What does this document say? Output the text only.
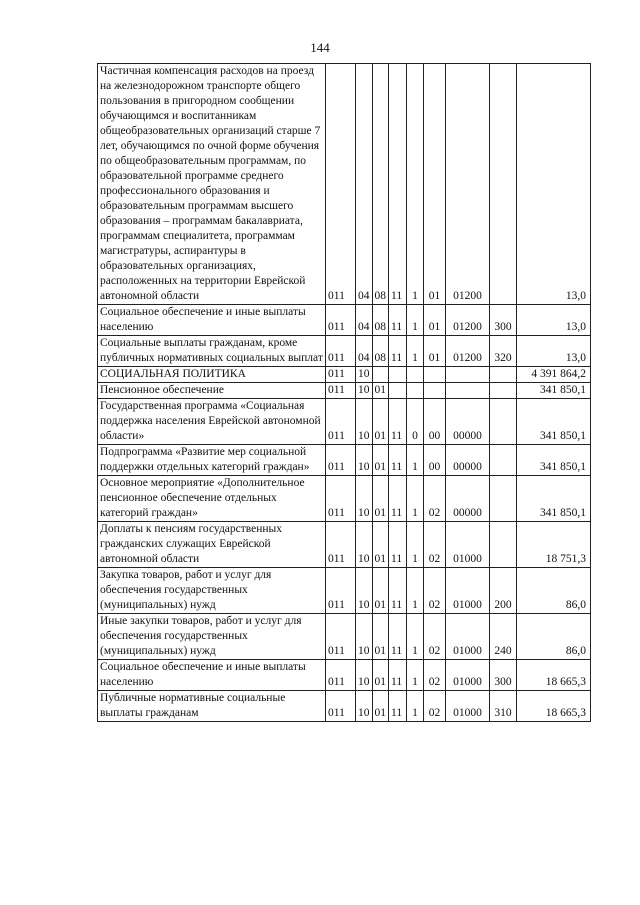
144
Частичная компенсация расходов на проезд на железнодорожном транспорте общего пользования в пригородном сообщении обучающимся и воспитанникам общеобразовательных организаций старше 7 лет, обучающимся по очной форме обучения по общеобразовательным программам, по образовательной программе среднего профессионального образования и образовательным программам высшего образования – программам бакалавриата, программам специалитета, программам магистратуры, аспирантуры в образовательных организациях, расположенных на территории Еврейской автономной области	011	04	08	11	1	01	01200		13,0
Социальное обеспечение и иные выплаты населению	011	04	08	11	1	01	01200	300	13,0
Социальные выплаты гражданам, кроме публичных нормативных социальных выплат	011	04	08	11	1	01	01200	320	13,0
СОЦИАЛЬНАЯ ПОЛИТИКА	011	10							4 391 864,2
Пенсионное обеспечение	011	10	01						341 850,1
Государственная программа «Социальная поддержка населения Еврейской автономной области»	011	10	01	11	0	00	00000		341 850,1
Подпрограмма «Развитие мер социальной поддержки отдельных категорий граждан»	011	10	01	11	1	00	00000		341 850,1
Основное мероприятие «Дополнительное пенсионное обеспечение отдельных категорий граждан»	011	10	01	11	1	02	00000		341 850,1
Доплаты к пенсиям государственных гражданских служащих Еврейской автономной области	011	10	01	11	1	02	01000		18 751,3
Закупка товаров, работ и услуг для обеспечения государственных (муниципальных) нужд	011	10	01	11	1	02	01000	200	86,0
Иные закупки товаров, работ и услуг для обеспечения государственных (муниципальных) нужд	011	10	01	11	1	02	01000	240	86,0
Социальное обеспечение и иные выплаты населению	011	10	01	11	1	02	01000	300	18 665,3
Публичные нормативные социальные выплаты гражданам	011	10	01	11	1	02	01000	310	18 665,3
